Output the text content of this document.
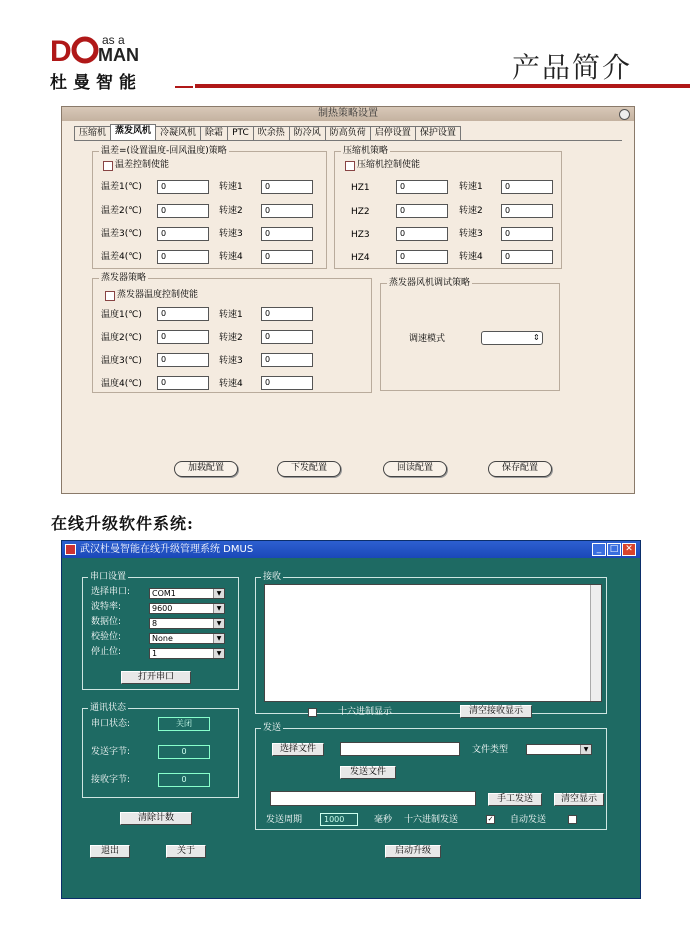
D MAN
as a
杜曼智能	产品简介
制热策略设置
压缩机	蒸发风机	冷凝风机	除霜	PTC	吹余热	防冷风	防高负荷	启停设置	保护设置
温差=(设置温度-回风温度)策略
温差控制使能
温差1(℃)	0	转速1	0
温差2(℃)	0	转速2	0
温差3(℃)	0	转速3	0
温差4(℃)	0	转速4	0
压缩机策略
压缩机控制使能
HZ1	0	转速1	0
HZ2	0	转速2	0
HZ3	0	转速3	0
HZ4	0	转速4	0
蒸发器策略
蒸发器温度控制使能
温度1(℃)	0	转速1	0
温度2(℃)	0	转速2	0
温度3(℃)	0	转速3	0
温度4(℃)	0	转速4	0
蒸发器风机调试策略
调速模式	⇕
加载配置	下发配置	回读配置	保存配置
在线升级软件系统:
武汉杜曼智能在线升级管理系统 DMUS	_ □ ✕
串口设置
选择串口:	COM1	▼
波特率:	9600	▼
数据位:	8	▼
校验位:	None	▼
停止位:	1	▼
打开串口
通讯状态
串口状态:	关闭
发送字节:	0
接收字节:	0
清除计数
退出	关于
接收
十六进制显示	清空接收显示
发送
选择文件	文件类型	▼
发送文件
手工发送	清空显示
发送周期	1000	毫秒 十六进制发送	✓ 自动发送
启动升级
